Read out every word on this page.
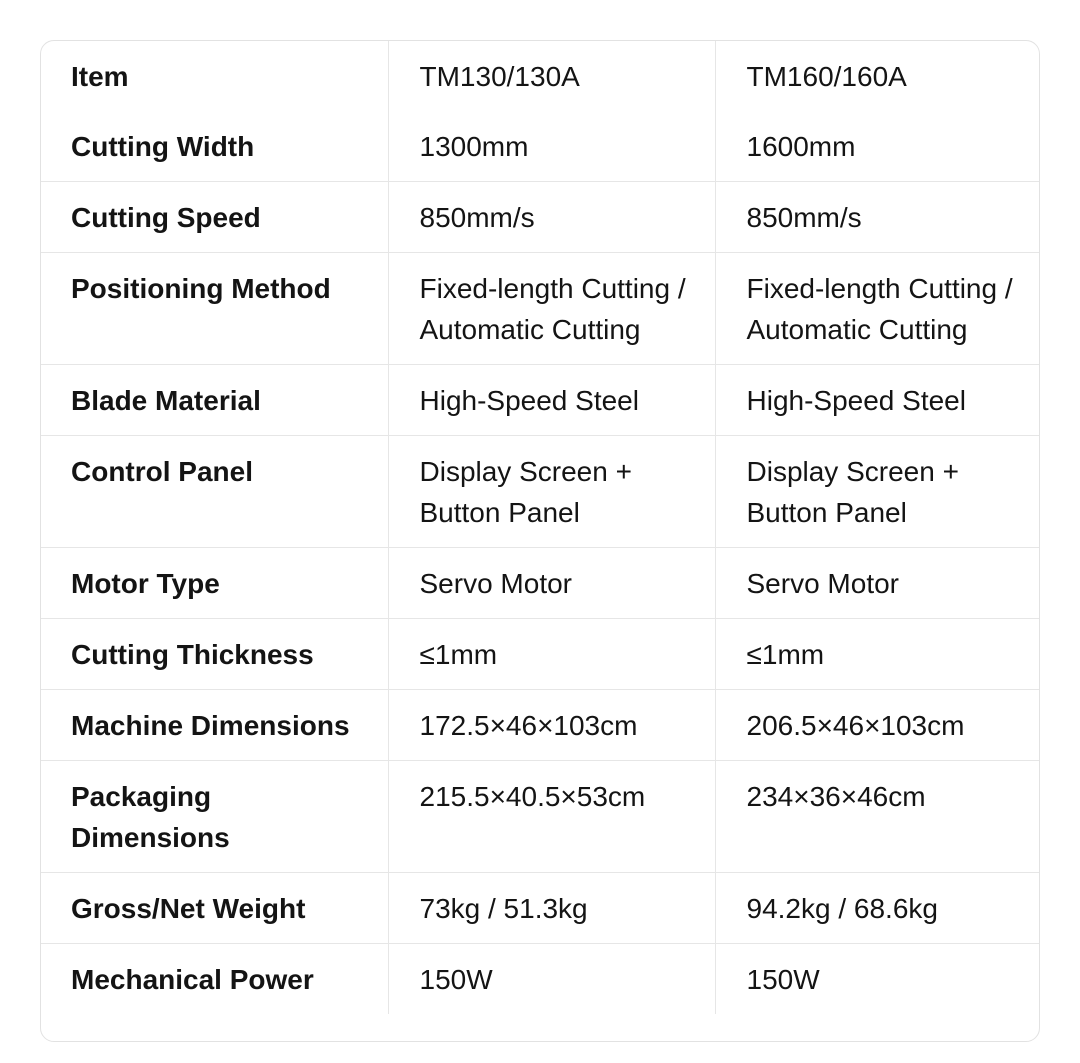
Item	TM130/130A	TM160/160A
Cutting Width	1300mm	1600mm
Cutting Speed	850mm/s	850mm/s
Positioning Method	Fixed-length Cutting / Automatic Cutting	Fixed-length Cutting / Automatic Cutting
Blade Material	High-Speed Steel	High-Speed Steel
Control Panel	Display Screen + Button Panel	Display Screen + Button Panel
Motor Type	Servo Motor	Servo Motor
Cutting Thickness	≤1mm	≤1mm
Machine Dimensions	172.5×46×103cm	206.5×46×103cm
Packaging Dimensions	215.5×40.5×53cm	234×36×46cm
Gross/Net Weight	73kg / 51.3kg	94.2kg / 68.6kg
Mechanical Power	150W	150W
